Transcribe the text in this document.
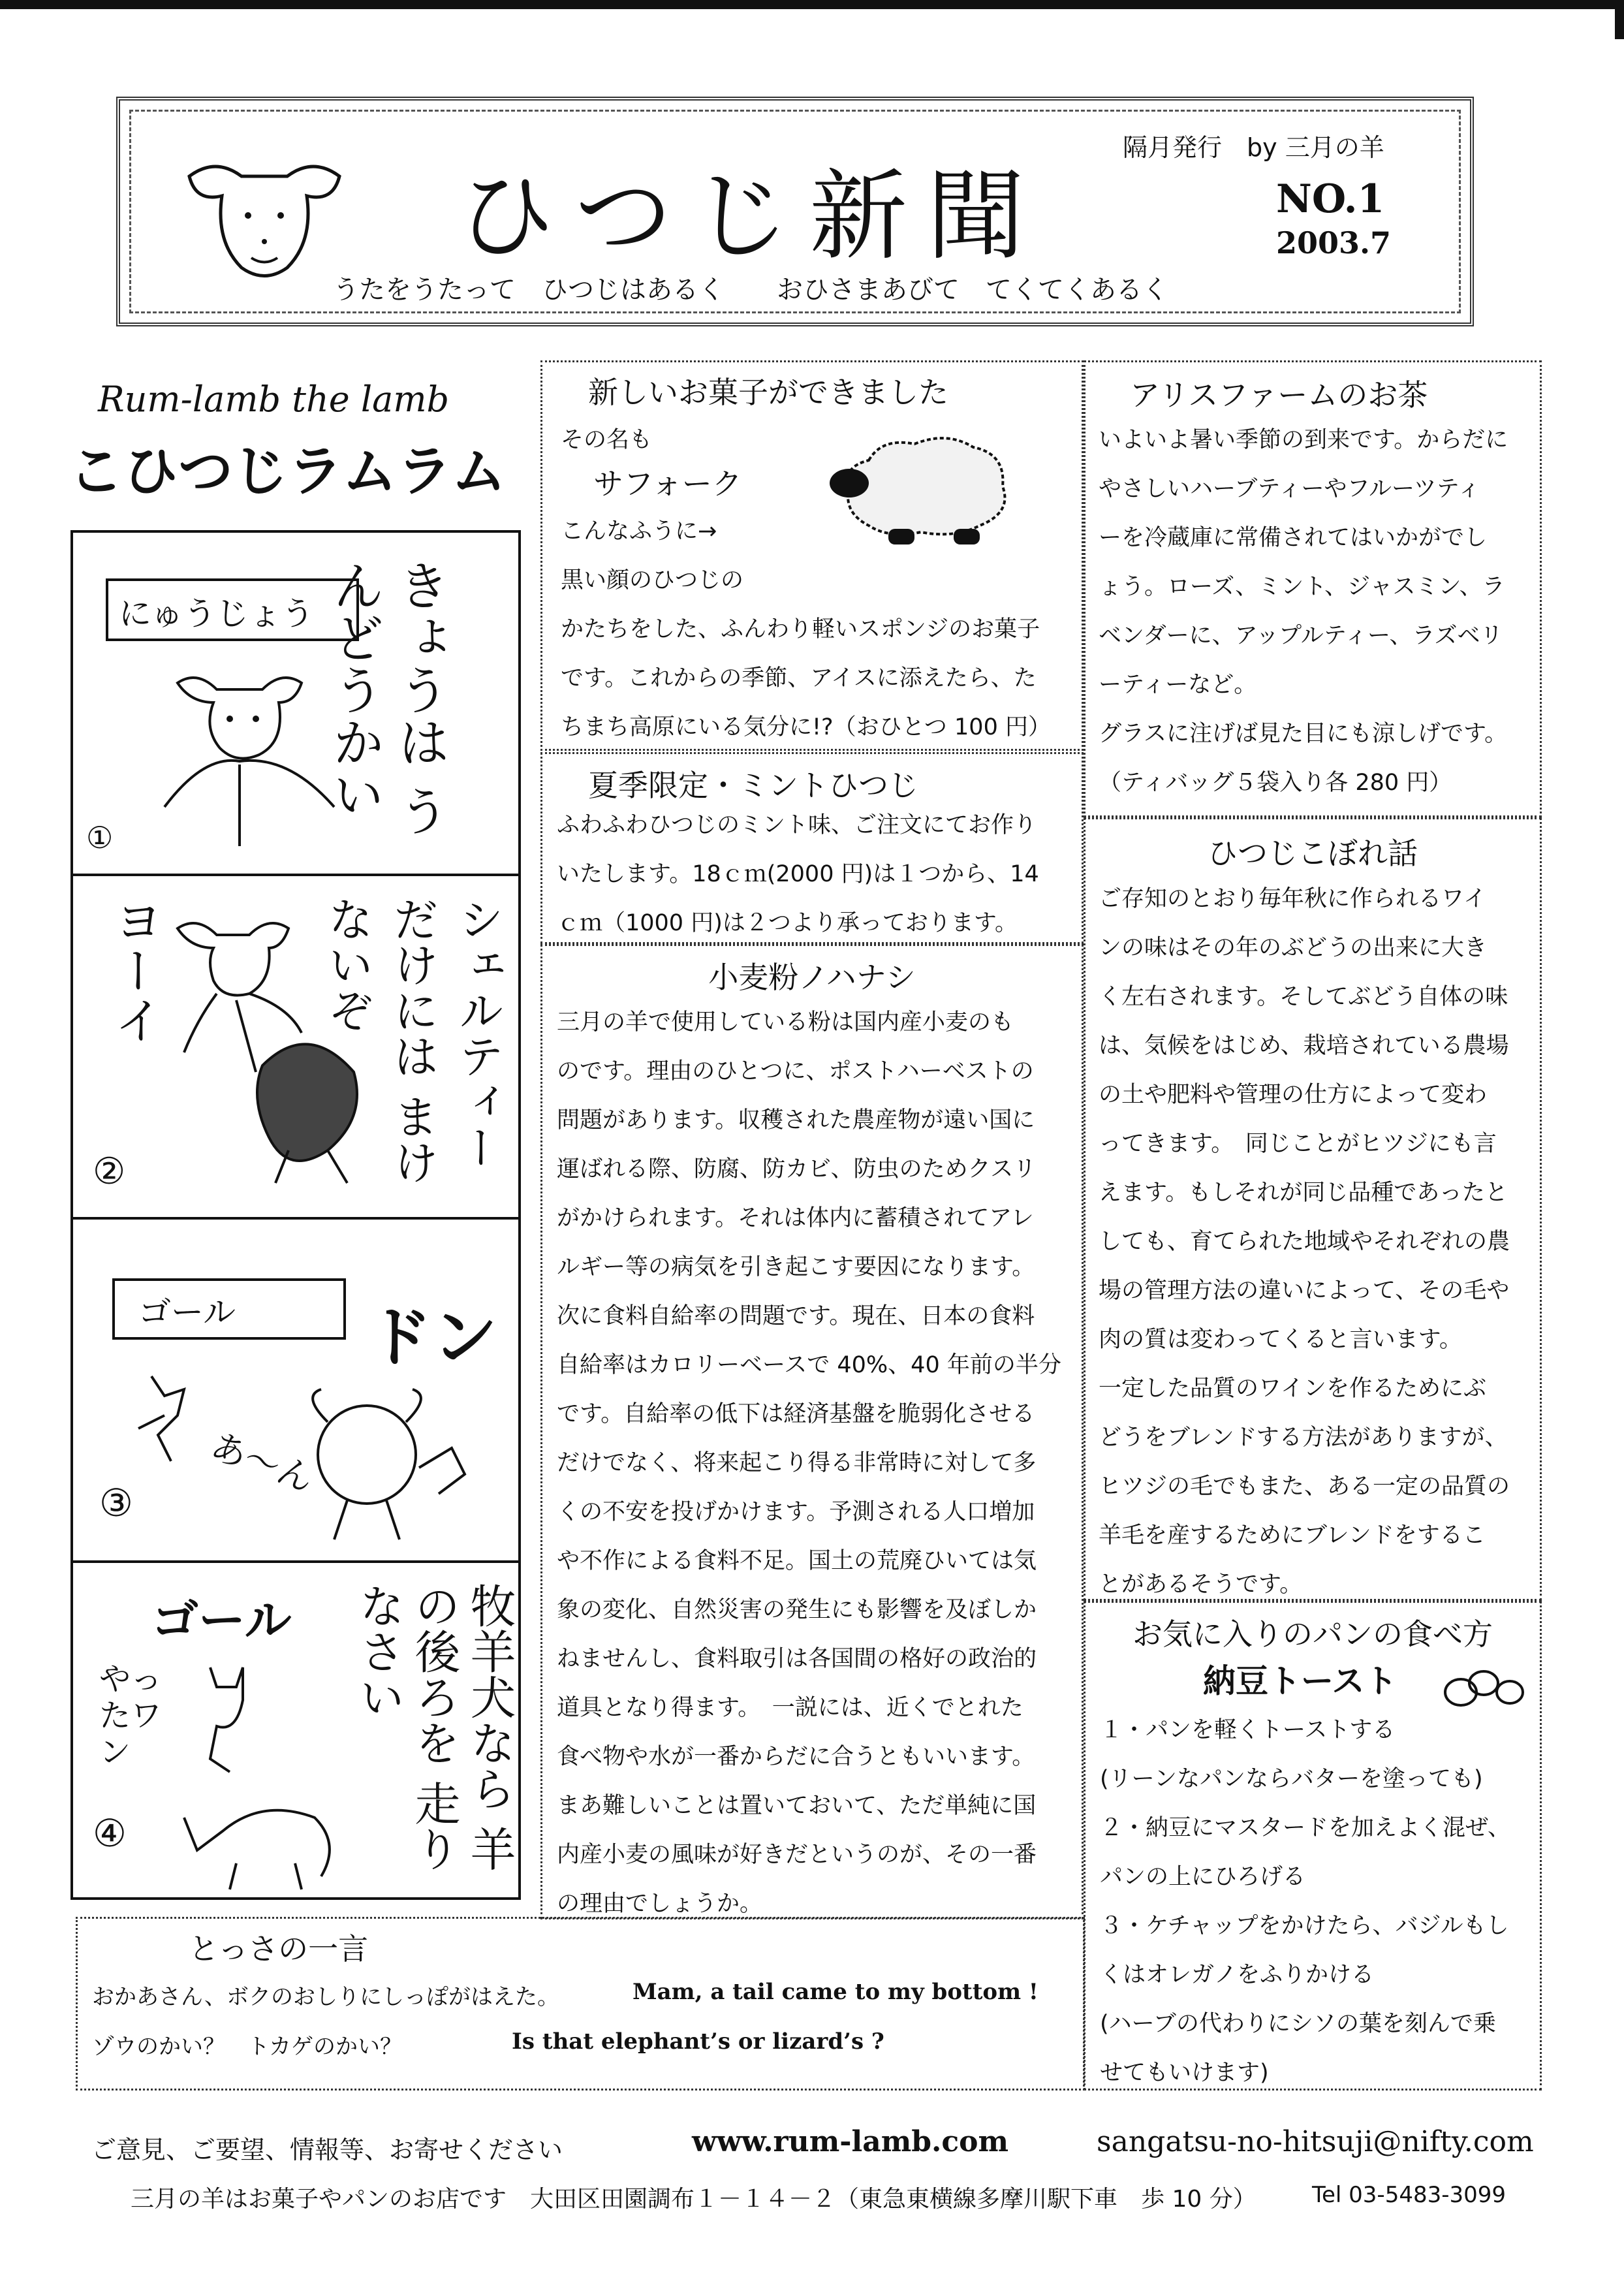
ひつじ新聞
隔月発行　by 三月の羊
NO.1
2003.7
うたをうたって　ひつじはあるく　　おひさまあびて　てくてくあるく
Rum-lamb the lamb
こひつじラムラム
にゅうじょう きょうは うんどうかい
①
ヨーイ	シェルティーだけには まけないぞ
②
ゴール ドン
あ〜ん
③
ゴール
やったワン	牧羊犬なら 羊の後ろを 走りなさい
④
新しいお菓子ができました
その名も
サフォーク
こんなふうに→
黒い顔のひつじの
かたちをした、ふんわり軽いスポンジのお菓子
です。これからの季節、アイスに添えたら、た
ちまち高原にいる気分に!?（おひとつ 100 円）
夏季限定・ミントひつじ
ふわふわひつじのミント味、ご注文にてお作り
いたします。18ｃｍ(2000 円)は１つから、14
ｃｍ（1000 円)は２つより承っております。
小麦粉ノハナシ
三月の羊で使用している粉は国内産小麦のも
のです。理由のひとつに、ポストハーベストの
問題があります。収穫された農産物が遠い国に
運ばれる際、防腐、防カビ、防虫のためクスリ
がかけられます。それは体内に蓄積されてアレ
ルギー等の病気を引き起こす要因になります。
次に食料自給率の問題です。現在、日本の食料
自給率はカロリーベースで 40%、40 年前の半分
です。自給率の低下は経済基盤を脆弱化させる
だけでなく、将来起こり得る非常時に対して多
くの不安を投げかけます。予測される人口増加
や不作による食料不足。国土の荒廃ひいては気
象の変化、自然災害の発生にも影響を及ぼしか
ねませんし、食料取引は各国間の格好の政治的
道具となり得ます。　一説には、近くでとれた
食べ物や水が一番からだに合うともいいます。
まあ難しいことは置いておいて、ただ単純に国
内産小麦の風味が好きだというのが、その一番
の理由でしょうか。
アリスファームのお茶
いよいよ暑い季節の到来です。からだに
やさしいハーブティーやフルーツティ
ーを冷蔵庫に常備されてはいかがでし
ょう。ローズ、ミント、ジャスミン、ラ
ベンダーに、アップルティー、ラズベリ
ーティーなど。
グラスに注げば見た目にも涼しげです。
（ティバッグ５袋入り各 280 円）
ひつじこぼれ話
ご存知のとおり毎年秋に作られるワイ
ンの味はその年のぶどうの出来に大き
く左右されます。そしてぶどう自体の味
は、気候をはじめ、栽培されている農場
の土や肥料や管理の仕方によって変わ
ってきます。　同じことがヒツジにも言
えます。もしそれが同じ品種であったと
しても、育てられた地域やそれぞれの農
場の管理方法の違いによって、その毛や
肉の質は変わってくると言います。
一定した品質のワインを作るためにぶ
どうをブレンドする方法がありますが、
ヒツジの毛でもまた、ある一定の品質の
羊毛を産するためにブレンドをするこ
とがあるそうです。
お気に入りのパンの食べ方
納豆トースト
１・パンを軽くトーストする
(リーンなパンならバターを塗っても)
２・納豆にマスタードを加えよく混ぜ、
パンの上にひろげる
３・ケチャップをかけたら、バジルもし
くはオレガノをふりかける
(ハーブの代わりにシソの葉を刻んで乗
せてもいけます)
とっさの一言
おかあさん、ボクのおしりにしっぽがはえた。	Mam, a tail came to my bottom !
ゾウのかい？　トカゲのかい？	Is that elephant’s or lizard’s ?
ご意見、ご要望、情報等、お寄せください	www.rum-lamb.com	sangatsu-no-hitsuji@nifty.com
三月の羊はお菓子やパンのお店です　大田区田園調布１－１４－２（東急東横線多摩川駅下車　歩 10 分）	Tel 03-5483-3099
